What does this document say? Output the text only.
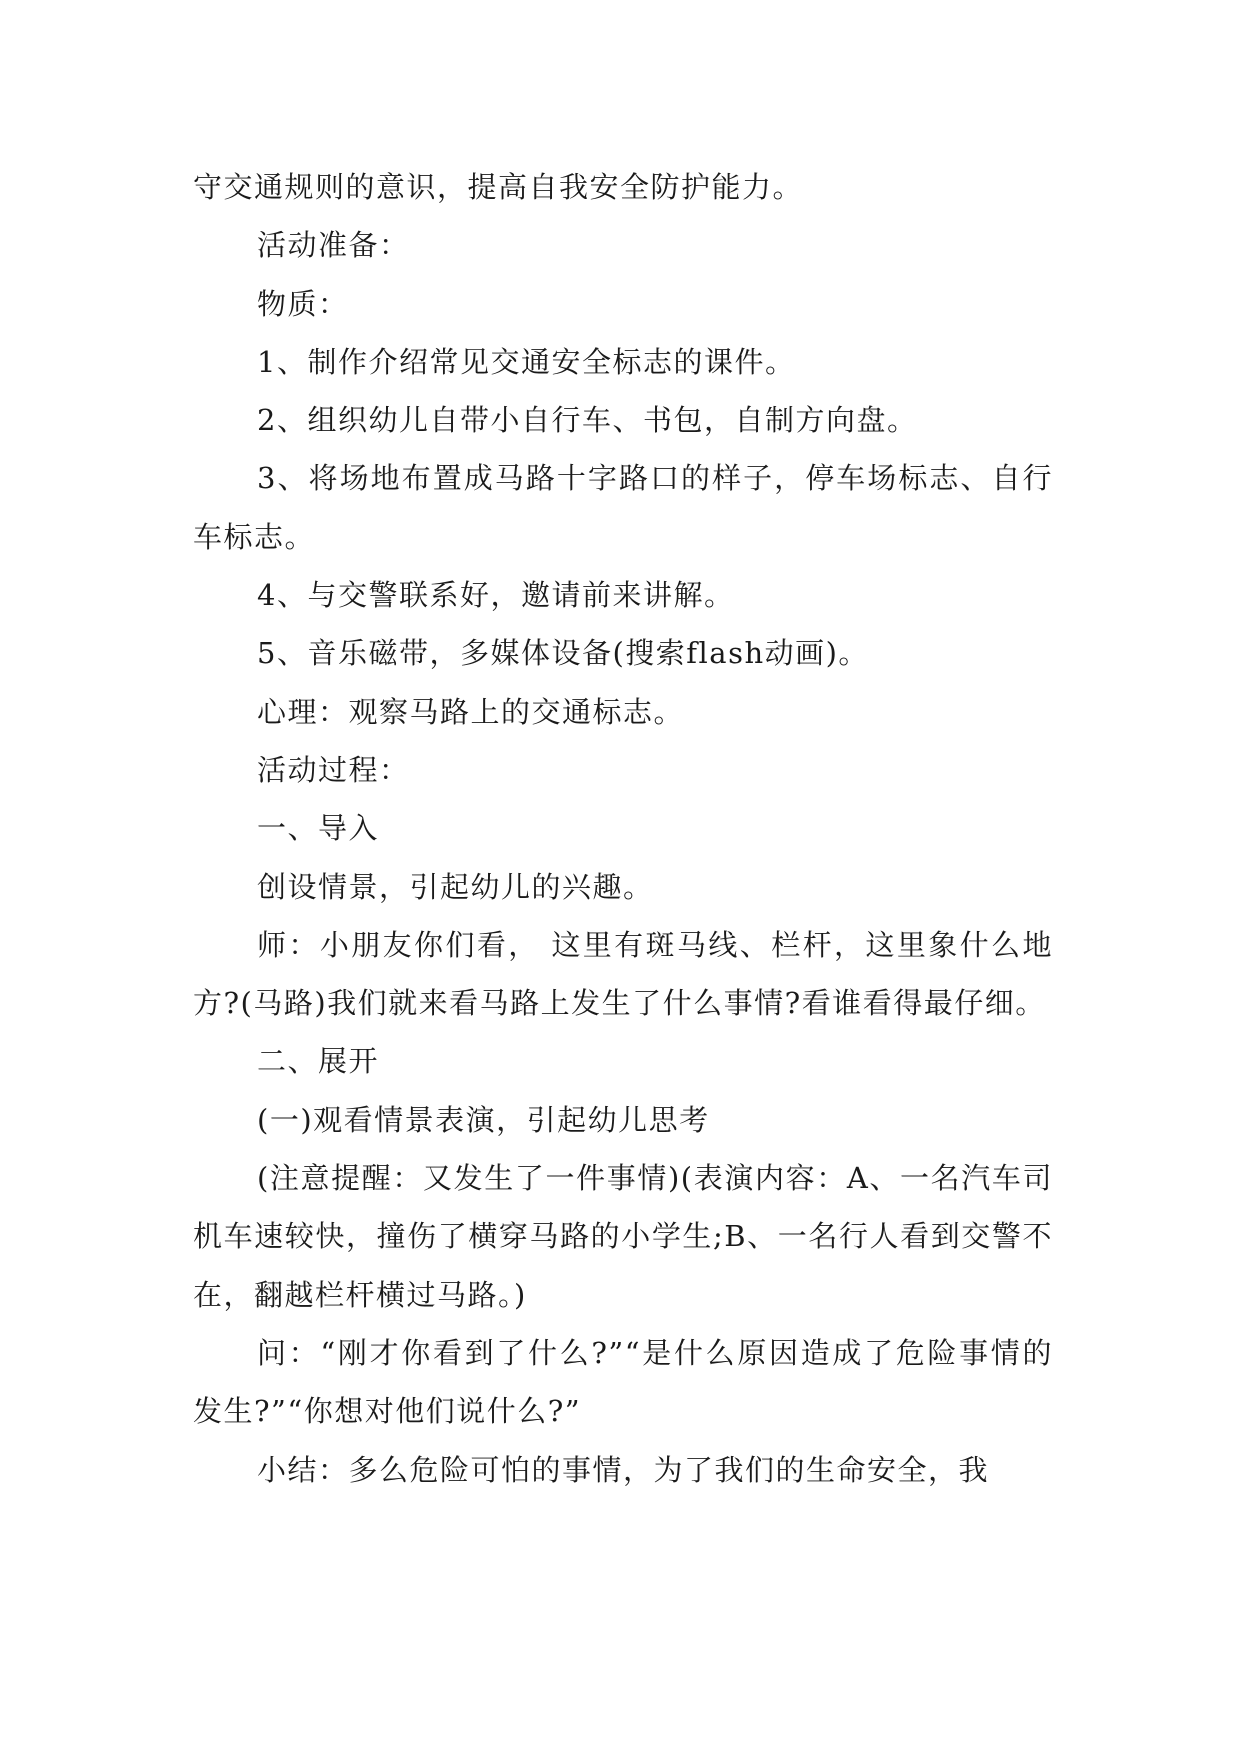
守交通规则的意识，提高自我安全防护能力。

活动准备：

物质：

1、制作介绍常见交通安全标志的课件。

2、组织幼儿自带小自行车、书包，自制方向盘。

3、将场地布置成马路十字路口的样子，停车场标志、自行车标志。

4、与交警联系好，邀请前来讲解。

5、音乐磁带，多媒体设备(搜索flash动画)。

心理：观察马路上的交通标志。

活动过程：

一、导入

创设情景，引起幼儿的兴趣。

师：小朋友你们看， 这里有斑马线、栏杆，这里象什么地方?(马路)我们就来看马路上发生了什么事情?看谁看得最仔细。

二、展开

(一)观看情景表演，引起幼儿思考

(注意提醒：又发生了一件事情)(表演内容：A、一名汽车司机车速较快，撞伤了横穿马路的小学生;B、一名行人看到交警不在，翻越栏杆横过马路。)

问：“刚才你看到了什么?”“是什么原因造成了危险事情的发生?”“你想对他们说什么?”

小结：多么危险可怕的事情，为了我们的生命安全，我
